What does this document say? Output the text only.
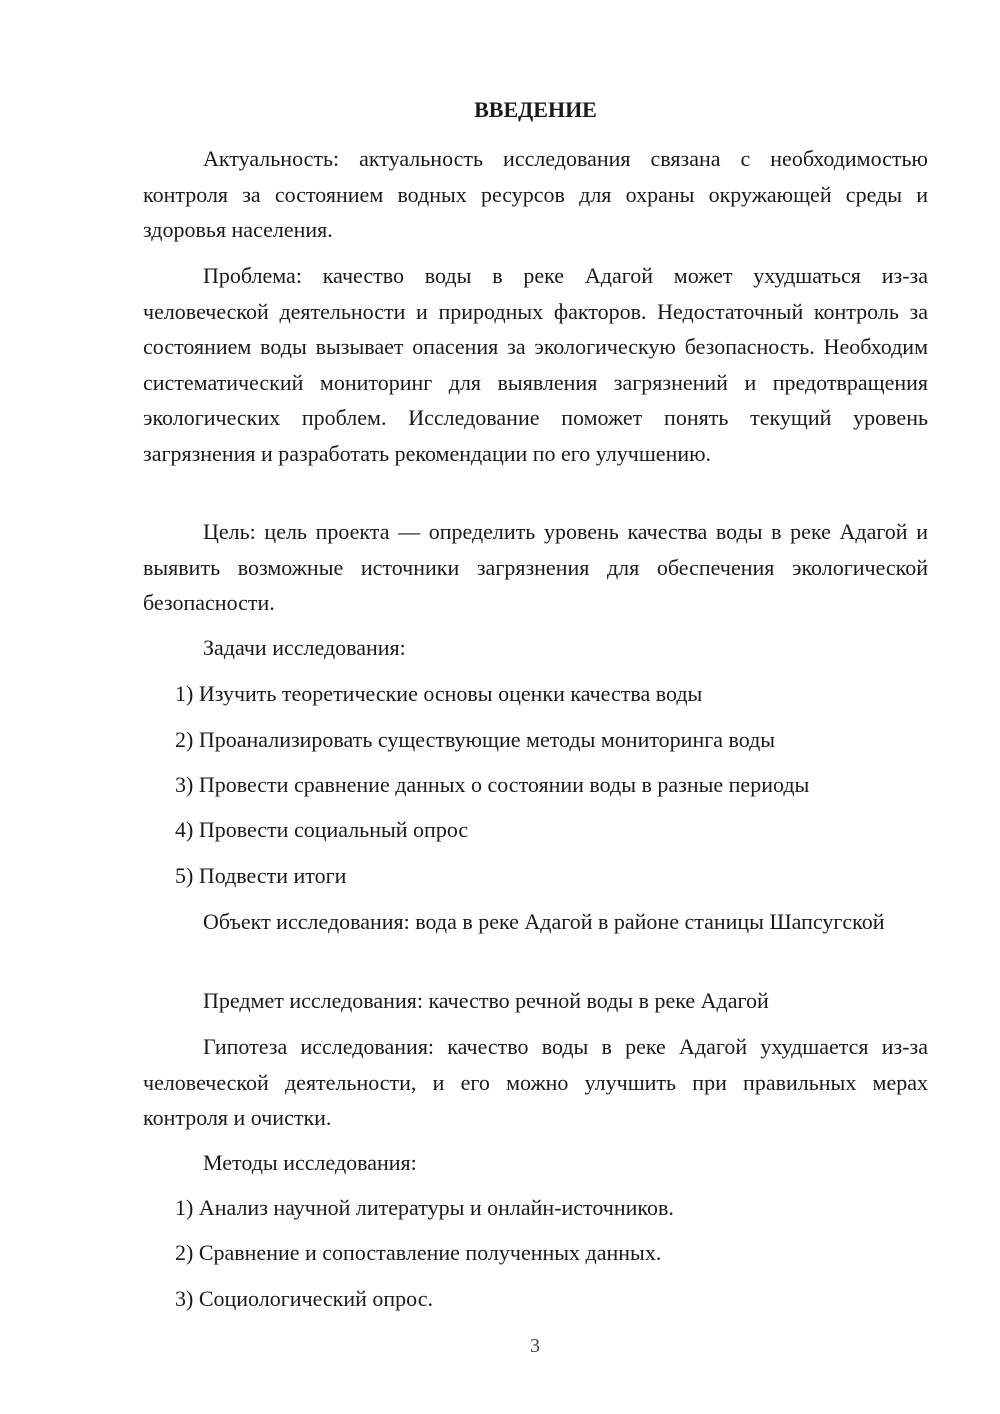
ВВЕДЕНИЕ

Актуальность: актуальность исследования связана с необходимостью контроля за состоянием водных ресурсов для охраны окружающей среды и здоровья населения.

Проблема: качество воды в реке Адагой может ухудшаться из-за человеческой деятельности и природных факторов. Недостаточный контроль за состоянием воды вызывает опасения за экологическую безопасность. Необходим систематический мониторинг для выявления загрязнений и предотвращения экологических проблем. Исследование поможет понять текущий уровень загрязнения и разработать рекомендации по его улучшению.

Цель: цель проекта — определить уровень качества воды в реке Адагой и выявить возможные источники загрязнения для обеспечения экологической безопасности.

Задачи исследования:

1) Изучить теоретические основы оценки качества воды

2) Проанализировать существующие методы мониторинга воды

3) Провести сравнение данных о состоянии воды в разные периоды

4) Провести социальный опрос

5) Подвести итоги

Объект исследования: вода в реке Адагой в районе станицы Шапсугской

Предмет исследования: качество речной воды в реке Адагой

Гипотеза исследования: качество воды в реке Адагой ухудшается из-за человеческой деятельности, и его можно улучшить при правильных мерах контроля и очистки.

Методы исследования:

1) Анализ научной литературы и онлайн-источников.

2) Сравнение и сопоставление полученных данных.

3) Социологический опрос.

3
